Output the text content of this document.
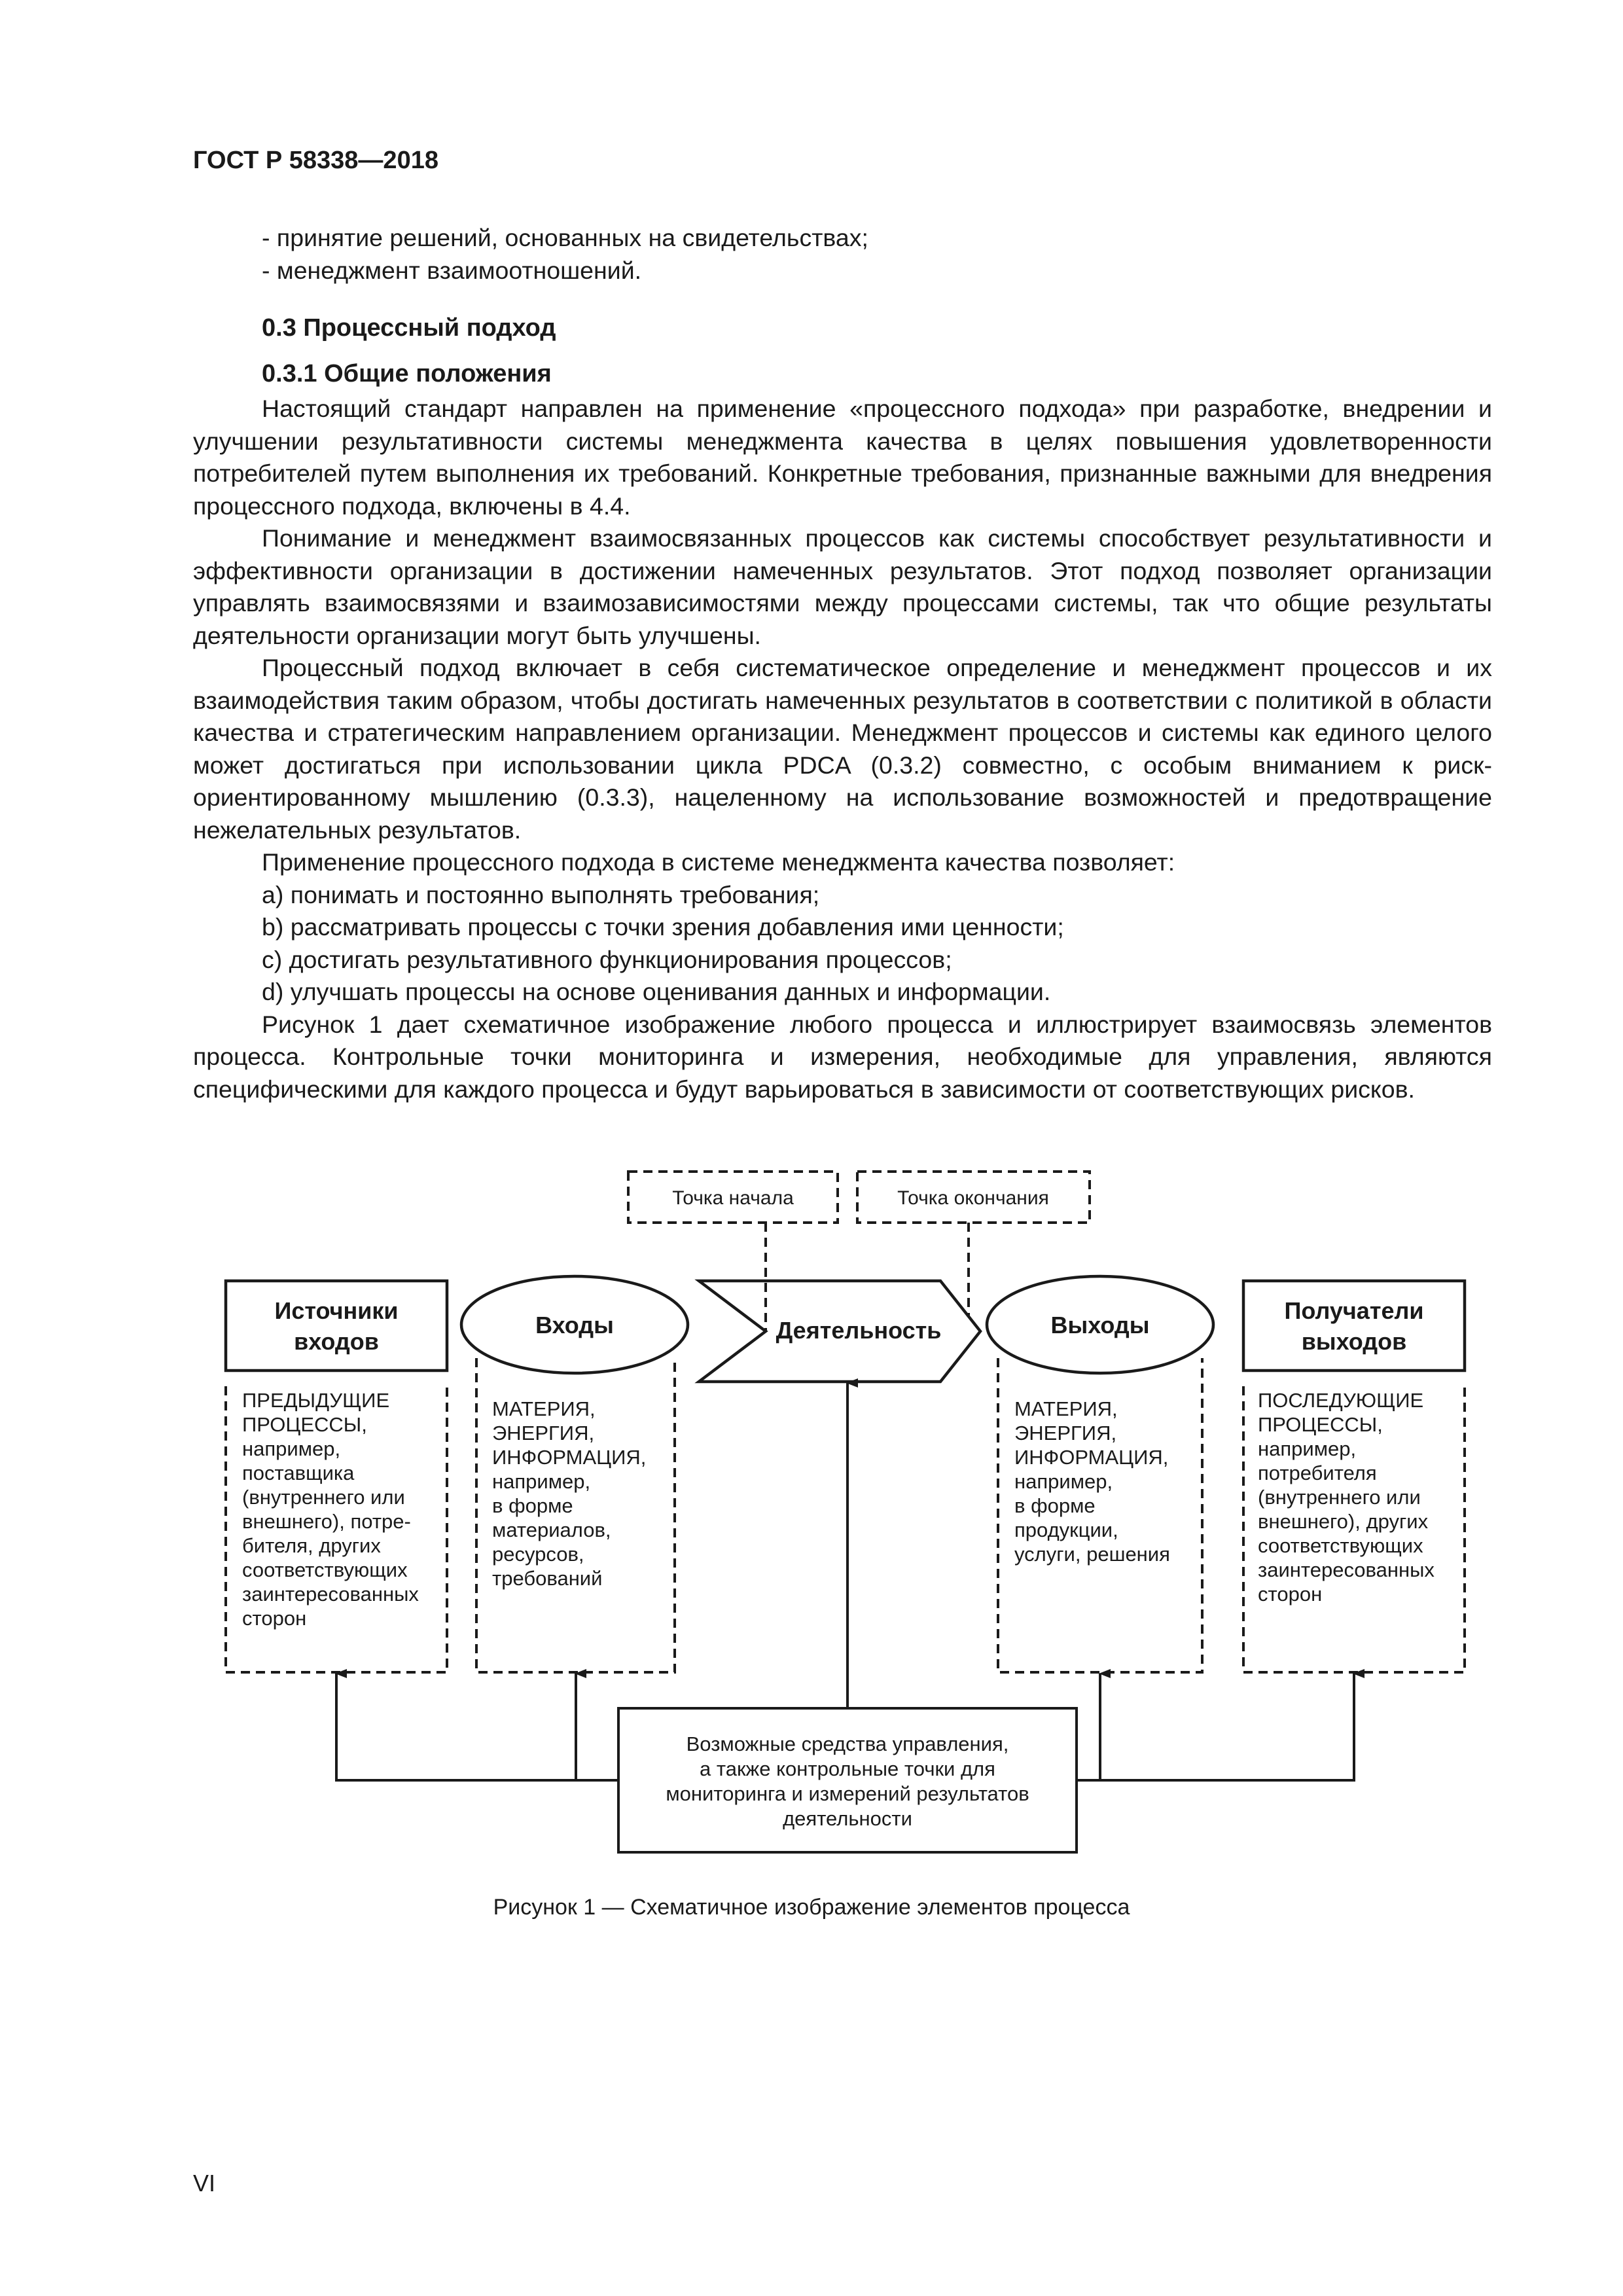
ГОСТ Р 58338—2018
- принятие решений, основанных на свидетельствах;
- менеджмент взаимоотношений.
0.3 Процессный подход
0.3.1 Общие положения

Настоящий стандарт направлен на применение «процессного подхода» при разработке, внедрении и улучшении результативности системы менеджмента качества в целях повышения удовлетворенности потребителей путем выполнения их требований. Конкретные требования, признанные важными для внедрения процессного подхода, включены в 4.4.

Понимание и менеджмент взаимосвязанных процессов как системы способствует результативности и эффективности организации в достижении намеченных результатов. Этот подход позволяет организации управлять взаимосвязями и взаимозависимостями между процессами системы, так что общие результаты деятельности организации могут быть улучшены.

Процессный подход включает в себя систематическое определение и менеджмент процессов и их взаимодействия таким образом, чтобы достигать намеченных результатов в соответствии с политикой в области качества и стратегическим направлением организации. Менеджмент процессов и системы как единого целого может достигаться при использовании цикла PDCA (0.3.2) совместно, с особым вниманием к риск-ориентированному мышлению (0.3.3), нацеленному на использование возможностей и предотвращение нежелательных результатов.

Применение процессного подхода в системе менеджмента качества позволяет:

а) понимать и постоянно выполнять требования;
b) рассматривать процессы с точки зрения добавления ими ценности;
c) достигать результативного функционирования процессов;
d) улучшать процессы на основе оценивания данных и информации.

Рисунок 1 дает схематичное изображение любого процесса и иллюстрирует взаимосвязь элементов процесса. Контрольные точки мониторинга и измерения, необходимые для управления, являются специфическими для каждого процесса и будут варьироваться в зависимости от соответствующих рисков.

Точка начала	Точка окончания
Источники
входов
Входы	Деятельность	Выходы
Получатели
выходов
ПРЕДЫДУЩИЕ
ПРОЦЕССЫ,
например,
поставщика
(внутреннего или
внешнего), потре-
бителя, других
соответствующих
заинтересованных
сторон
МАТЕРИЯ,
ЭНЕРГИЯ,
ИНФОРМАЦИЯ,
например,
в форме
материалов,
ресурсов,
требований
МАТЕРИЯ,
ЭНЕРГИЯ,
ИНФОРМАЦИЯ,
например,
в форме
продукции,
услуги, решения
ПОСЛЕДУЮЩИЕ
ПРОЦЕССЫ,
например,
потребителя
(внутреннего или
внешнего), других
соответствующих
заинтересованных
сторон
Возможные средства управления,
а также контрольные точки для
мониторинга и измерений результатов
деятельности
Рисунок 1 — Схематичное изображение элементов процесса
VI
